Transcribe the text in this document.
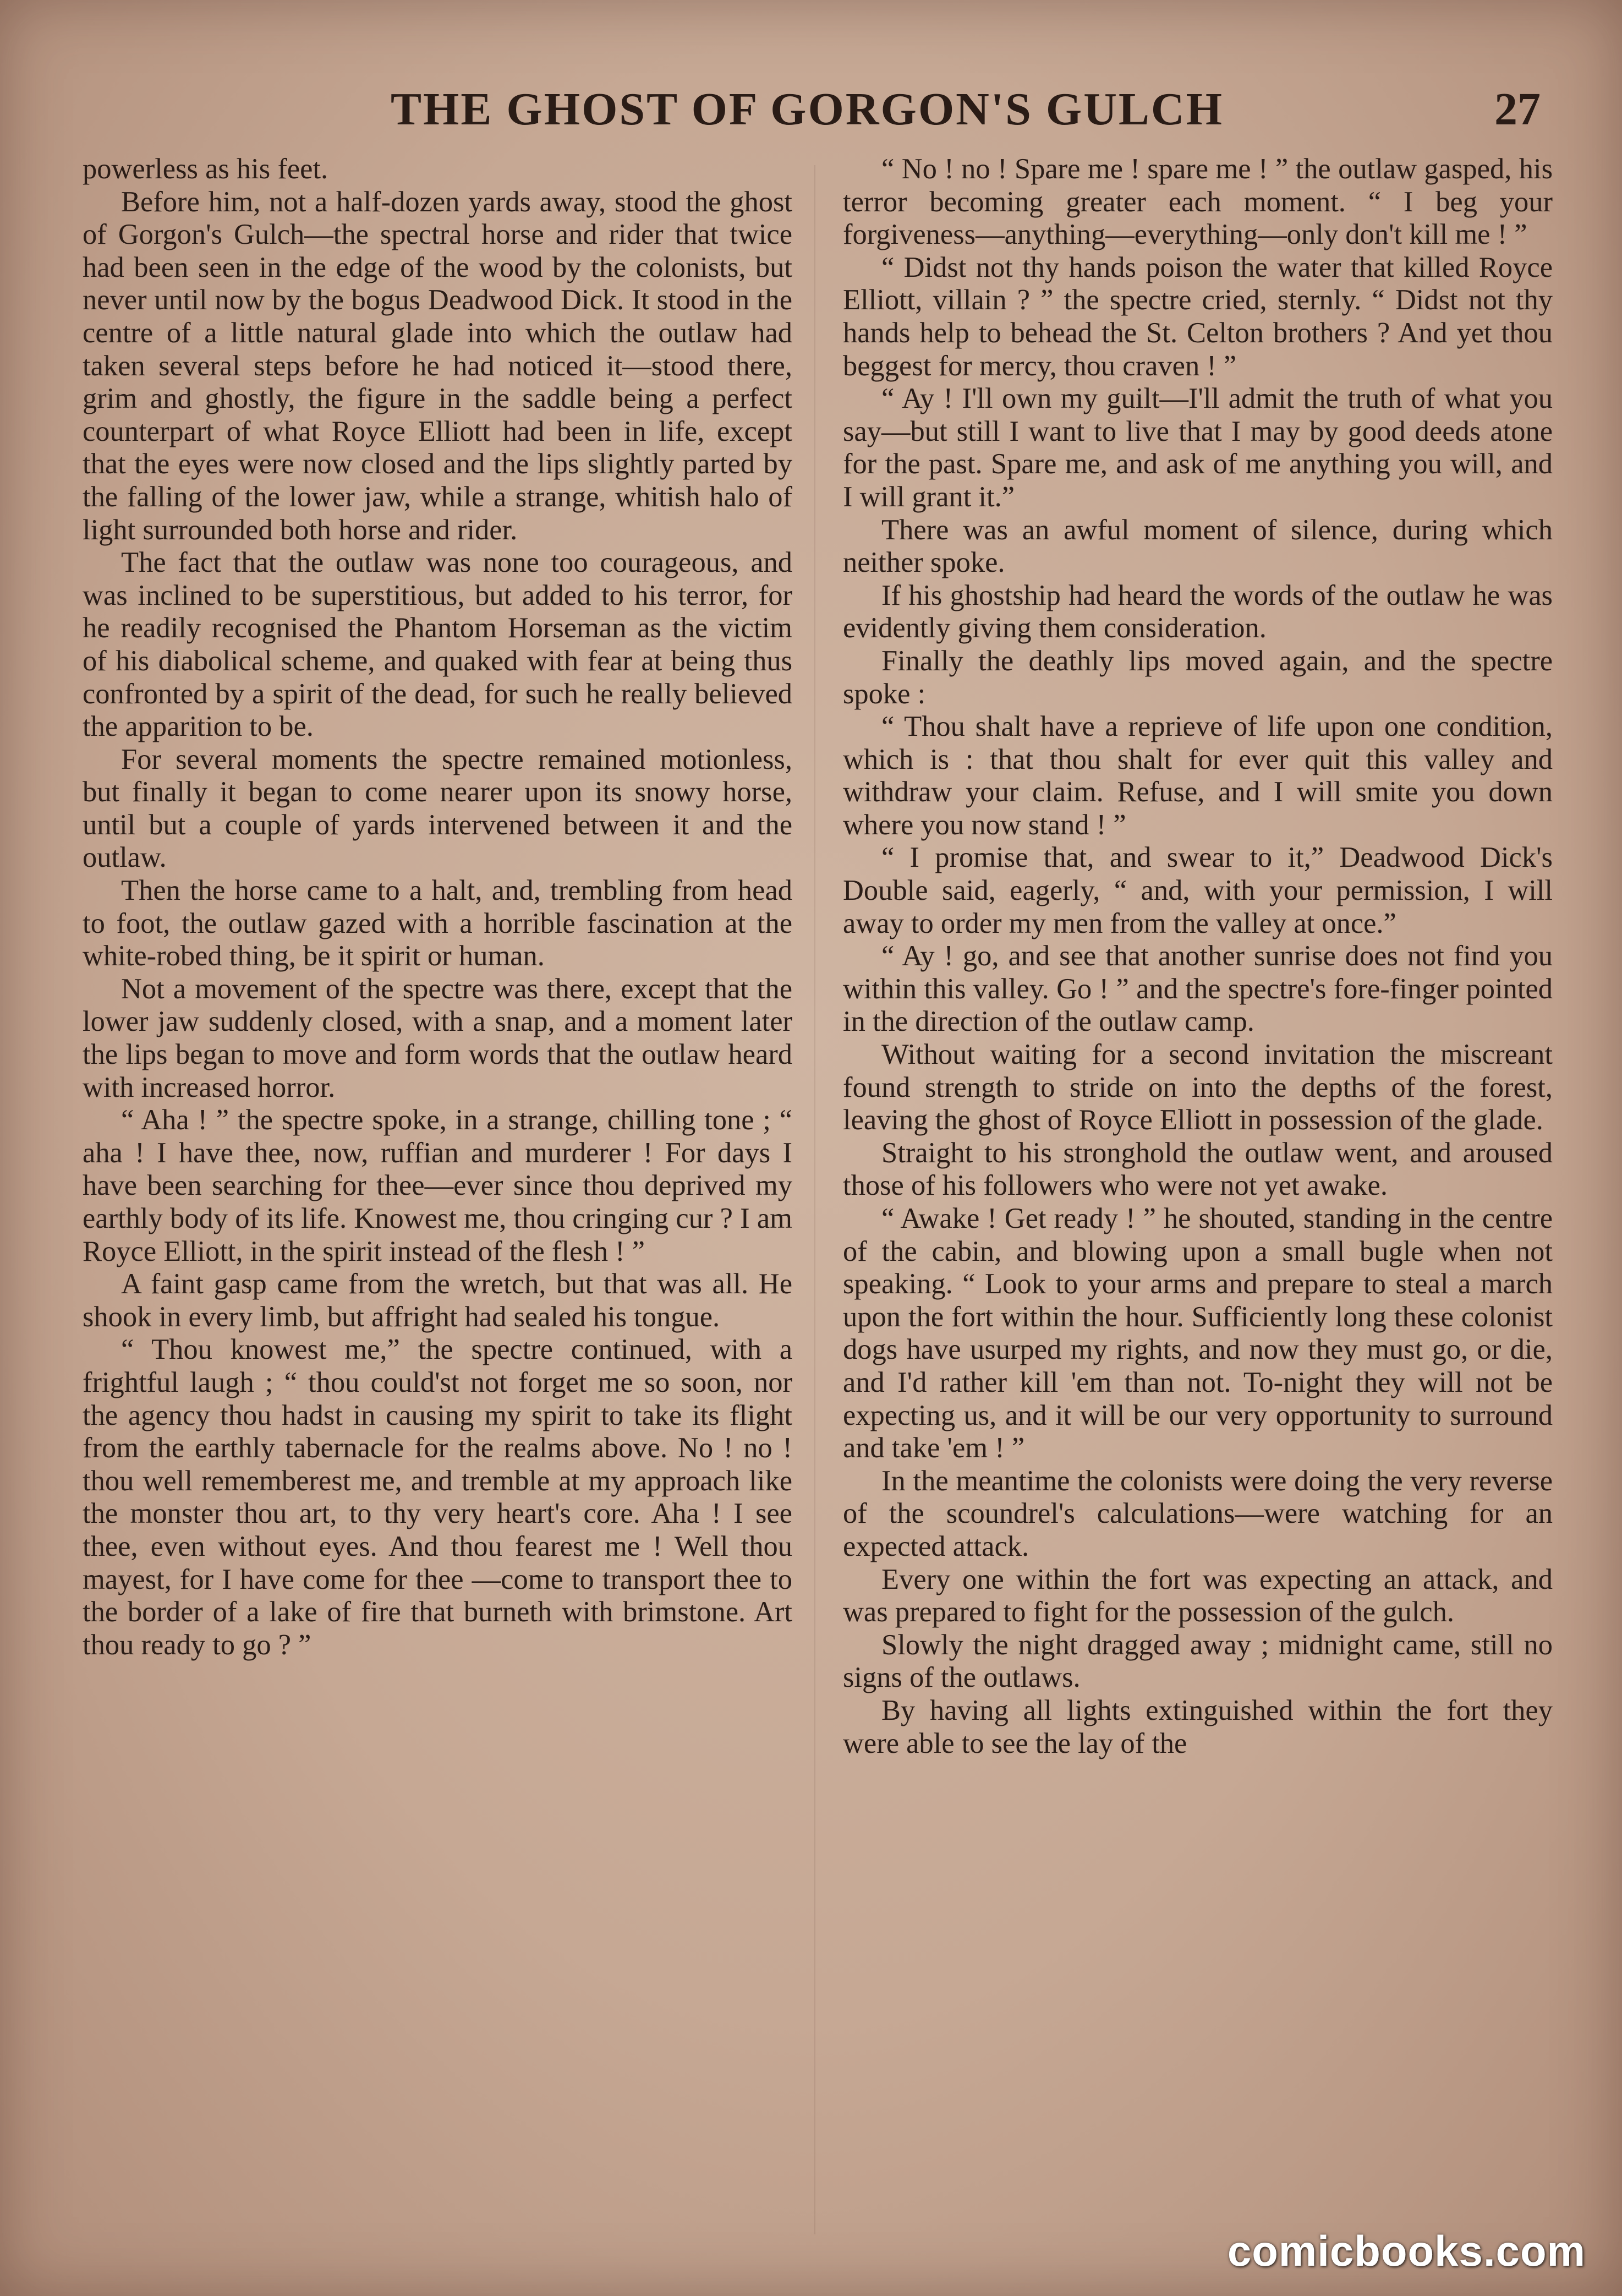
THE GHOST OF GORGON'S GULCH	27

powerless as his feet.

Before him, not a half-dozen yards away, stood the ghost of Gorgon's Gulch—the spectral horse and rider that twice had been seen in the edge of the wood by the colonists, but never until now by the bogus Deadwood Dick. It stood in the centre of a little natural glade into which the outlaw had taken several steps before he had noticed it—stood there, grim and ghostly, the figure in the saddle being a perfect counterpart of what Royce Elliott had been in life, except that the eyes were now closed and the lips slightly parted by the falling of the lower jaw, while a strange, whitish halo of light surrounded both horse and rider.

The fact that the outlaw was none too courageous, and was inclined to be superstitious, but added to his terror, for he readily recognised the Phantom Horseman as the victim of his diabolical scheme, and quaked with fear at being thus confronted by a spirit of the dead, for such he really believed the apparition to be.

For several moments the spectre remained motionless, but finally it began to come nearer upon its snowy horse, until but a couple of yards intervened between it and the outlaw.

Then the horse came to a halt, and, trembling from head to foot, the outlaw gazed with a horrible fascination at the white-robed thing, be it spirit or human.

Not a movement of the spectre was there, except that the lower jaw suddenly closed, with a snap, and a moment later the lips began to move and form words that the outlaw heard with increased horror.

“ Aha ! ” the spectre spoke, in a strange, chilling tone ; “ aha ! I have thee, now, ruffian and murderer ! For days I have been searching for thee—ever since thou deprived my earthly body of its life. Knowest me, thou cringing cur ? I am Royce Elliott, in the spirit instead of the flesh ! ”

A faint gasp came from the wretch, but that was all. He shook in every limb, but affright had sealed his tongue.

“ Thou knowest me,” the spectre continued, with a frightful laugh ; “ thou could'st not forget me so soon, nor the agency thou hadst in causing my spirit to take its flight from the earthly tabernacle for the realms above. No ! no ! thou well rememberest me, and tremble at my approach like the monster thou art, to thy very heart's core. Aha ! I see thee, even without eyes. And thou fearest me ! Well thou mayest, for I have come for thee —come to transport thee to the border of a lake of fire that burneth with brimstone. Art thou ready to go ? ”

“ No ! no ! Spare me ! spare me ! ” the outlaw gasped, his terror becoming greater each moment. “ I beg your forgiveness—anything—everything—only don't kill me ! ”

“ Didst not thy hands poison the water that killed Royce Elliott, villain ? ” the spectre cried, sternly. “ Didst not thy hands help to behead the St. Celton brothers ? And yet thou beggest for mercy, thou craven ! ”

“ Ay ! I'll own my guilt—I'll admit the truth of what you say—but still I want to live that I may by good deeds atone for the past. Spare me, and ask of me anything you will, and I will grant it.”

There was an awful moment of silence, during which neither spoke.

If his ghostship had heard the words of the outlaw he was evidently giving them consideration.

Finally the deathly lips moved again, and the spectre spoke :

“ Thou shalt have a reprieve of life upon one condition, which is : that thou shalt for ever quit this valley and withdraw your claim. Refuse, and I will smite you down where you now stand ! ”

“ I promise that, and swear to it,” Deadwood Dick's Double said, eagerly, “ and, with your permission, I will away to order my men from the valley at once.”

“ Ay ! go, and see that another sunrise does not find you within this valley. Go ! ” and the spectre's fore-finger pointed in the direction of the outlaw camp.

Without waiting for a second invitation the miscreant found strength to stride on into the depths of the forest, leaving the ghost of Royce Elliott in possession of the glade.

Straight to his stronghold the outlaw went, and aroused those of his followers who were not yet awake.

“ Awake ! Get ready ! ” he shouted, standing in the centre of the cabin, and blowing upon a small bugle when not speaking. “ Look to your arms and prepare to steal a march upon the fort within the hour. Sufficiently long these colonist dogs have usurped my rights, and now they must go, or die, and I'd rather kill 'em than not. To-night they will not be expecting us, and it will be our very opportunity to surround and take 'em ! ”

In the meantime the colonists were doing the very reverse of the scoundrel's calculations—were watching for an expected attack.

Every one within the fort was expecting an attack, and was prepared to fight for the possession of the gulch.

Slowly the night dragged away ; midnight came, still no signs of the outlaws.

By having all lights extinguished within the fort they were able to see the lay of the

comicbooks.com
